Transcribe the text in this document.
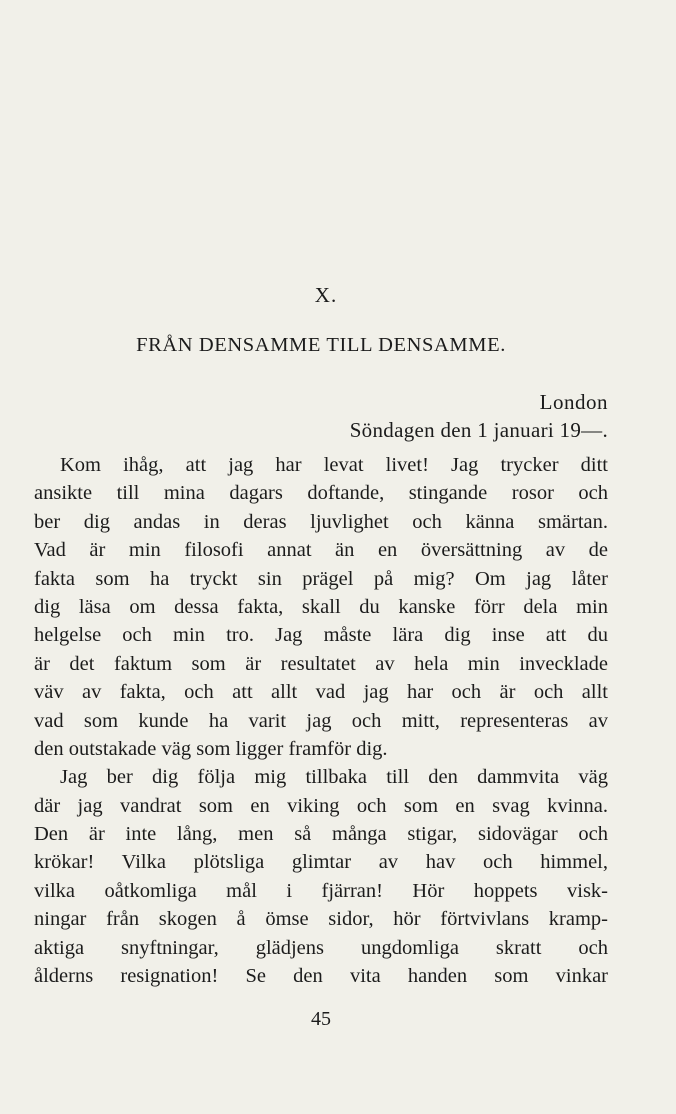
X.
FRÅN DENSAMME TILL DENSAMME.
London
Söndagen den 1 januari 19—.
Kom ihåg, att jag har levat livet! Jag trycker ditt
ansikte till mina dagars doftande, stingande rosor och
ber dig andas in deras ljuvlighet och känna smärtan.
Vad är min filosofi annat än en översättning av de
fakta som ha tryckt sin prägel på mig? Om jag låter
dig läsa om dessa fakta, skall du kanske förr dela min
helgelse och min tro. Jag måste lära dig inse att du
är det faktum som är resultatet av hela min invecklade
väv av fakta, och att allt vad jag har och är och allt
vad som kunde ha varit jag och mitt, representeras av
den outstakade väg som ligger framför dig.
Jag ber dig följa mig tillbaka till den dammvita väg
där jag vandrat som en viking och som en svag kvinna.
Den är inte lång, men så många stigar, sidovägar och
krökar! Vilka plötsliga glimtar av hav och himmel,
vilka oåtkomliga mål i fjärran! Hör hoppets visk-
ningar från skogen å ömse sidor, hör förtvivlans kramp-
aktiga snyftningar, glädjens ungdomliga skratt och
ålderns resignation! Se den vita handen som vinkar
45
